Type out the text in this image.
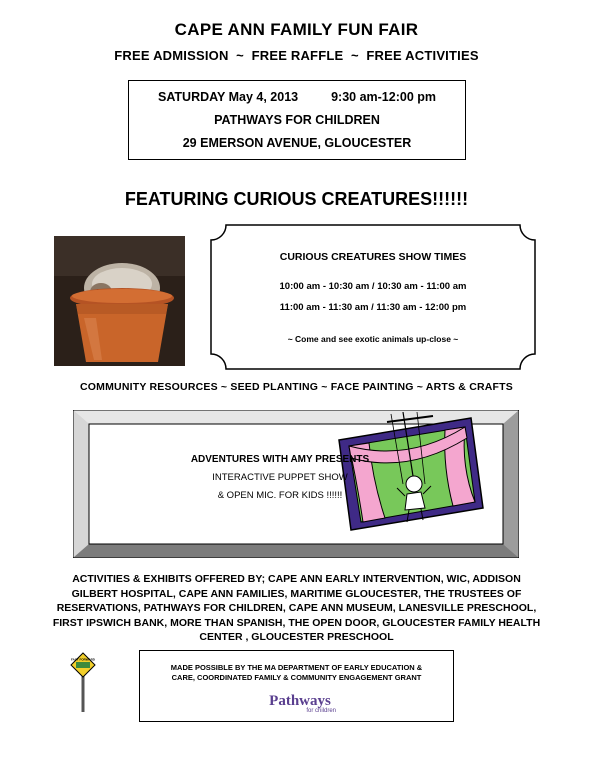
CAPE ANN FAMILY FUN FAIR
FREE ADMISSION  ~  FREE RAFFLE  ~  FREE ACTIVITIES
SATURDAY May 4, 2013	9:30 am-12:00 pm
PATHWAYS FOR CHILDREN
29 EMERSON AVENUE, GLOUCESTER
FEATURING CURIOUS CREATURES!!!!!!
CURIOUS CREATURES SHOW TIMES
10:00 am - 10:30 am / 10:30 am - 11:00 am
11:00 am - 11:30 am / 11:30 am - 12:00 pm
~ Come and see exotic animals up-close ~
COMMUNITY RESOURCES ~ SEED PLANTING ~ FACE PAINTING ~ ARTS & CRAFTS
ADVENTURES WITH AMY PRESENTS
INTERACTIVE PUPPET SHOW
& OPEN MIC. FOR KIDS !!!!!!
ACTIVITIES & EXHIBITS OFFERED BY; CAPE ANN EARLY INTERVENTION, WIC, ADDISON
GILBERT HOSPITAL, CAPE ANN FAMILIES, MARITIME GLOUCESTER, THE TRUSTEES OF
RESERVATIONS, PATHWAYS FOR CHILDREN, CAPE ANN MUSEUM, LANESVILLE PRESCHOOL,
FIRST IPSWICH BANK, MORE THAN SPANISH, THE OPEN DOOR, GLOUCESTER FAMILY HEALTH
CENTER , GLOUCESTER PRESCHOOL
FAST FORWARD
MADE POSSIBLE BY THE MA DEPARTMENT OF EARLY EDUCATION &
CARE, COORDINATED FAMILY & COMMUNITY ENGAGEMENT GRANT
Pathways
for children
